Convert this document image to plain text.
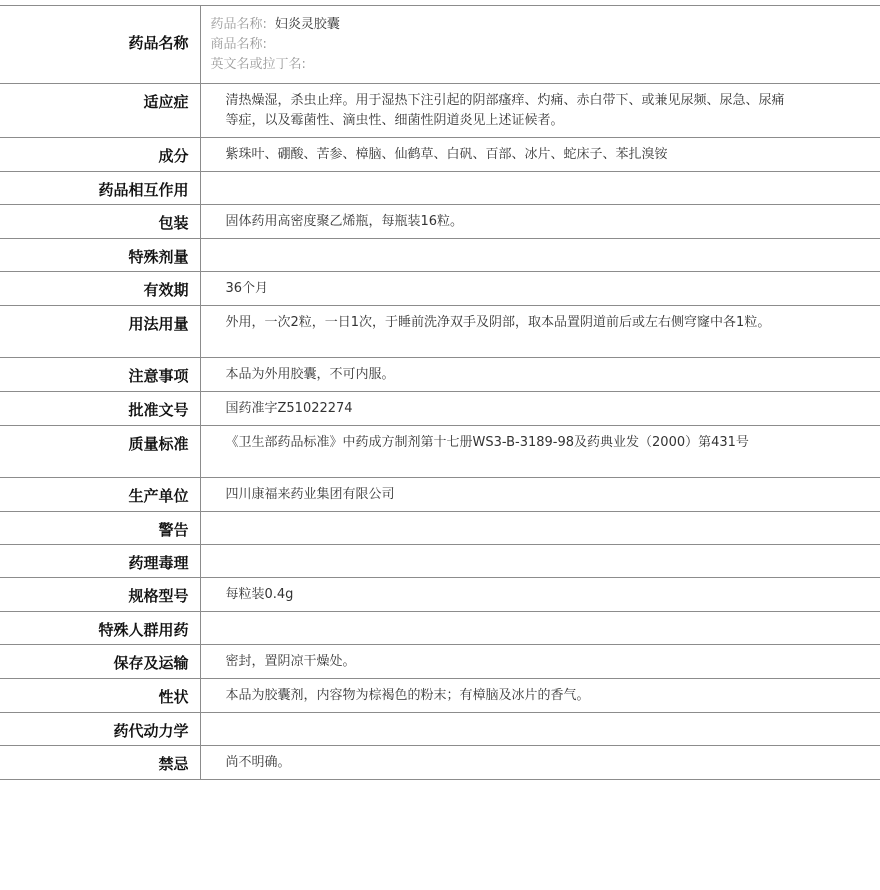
药品名称	药品名称: 妇炎灵胶囊
商品名称:
英文名或拉丁名:

适应症	清热燥湿，杀虫止痒。用于湿热下注引起的阴部瘙痒、灼痛、赤白带下、或兼见尿频、尿急、尿痛等症，以及霉菌性、滴虫性、细菌性阴道炎见上述证候者。
成分	紫珠叶、硼酸、苦参、樟脑、仙鹤草、白矾、百部、冰片、蛇床子、苯扎溴铵
药品相互作用	
包装	固体药用高密度聚乙烯瓶，每瓶装16粒。
特殊剂量	
有效期	36个月
用法用量	外用，一次2粒，一日1次，于睡前洗净双手及阴部，取本品置阴道前后或左右侧穹窿中各1粒。
注意事项	本品为外用胶囊，不可内服。
批准文号	国药准字Z51022274
质量标准	《卫生部药品标准》中药成方制剂第十七册WS3-B-3189-98及药典业发（2000）第431号
生产单位	四川康福来药业集团有限公司
警告	
药理毒理	
规格型号	每粒装0.4g
特殊人群用药	
保存及运输	密封，置阴凉干燥处。
性状	本品为胶囊剂，内容物为棕褐色的粉末；有樟脑及冰片的香气。
药代动力学	
禁忌	尚不明确。
